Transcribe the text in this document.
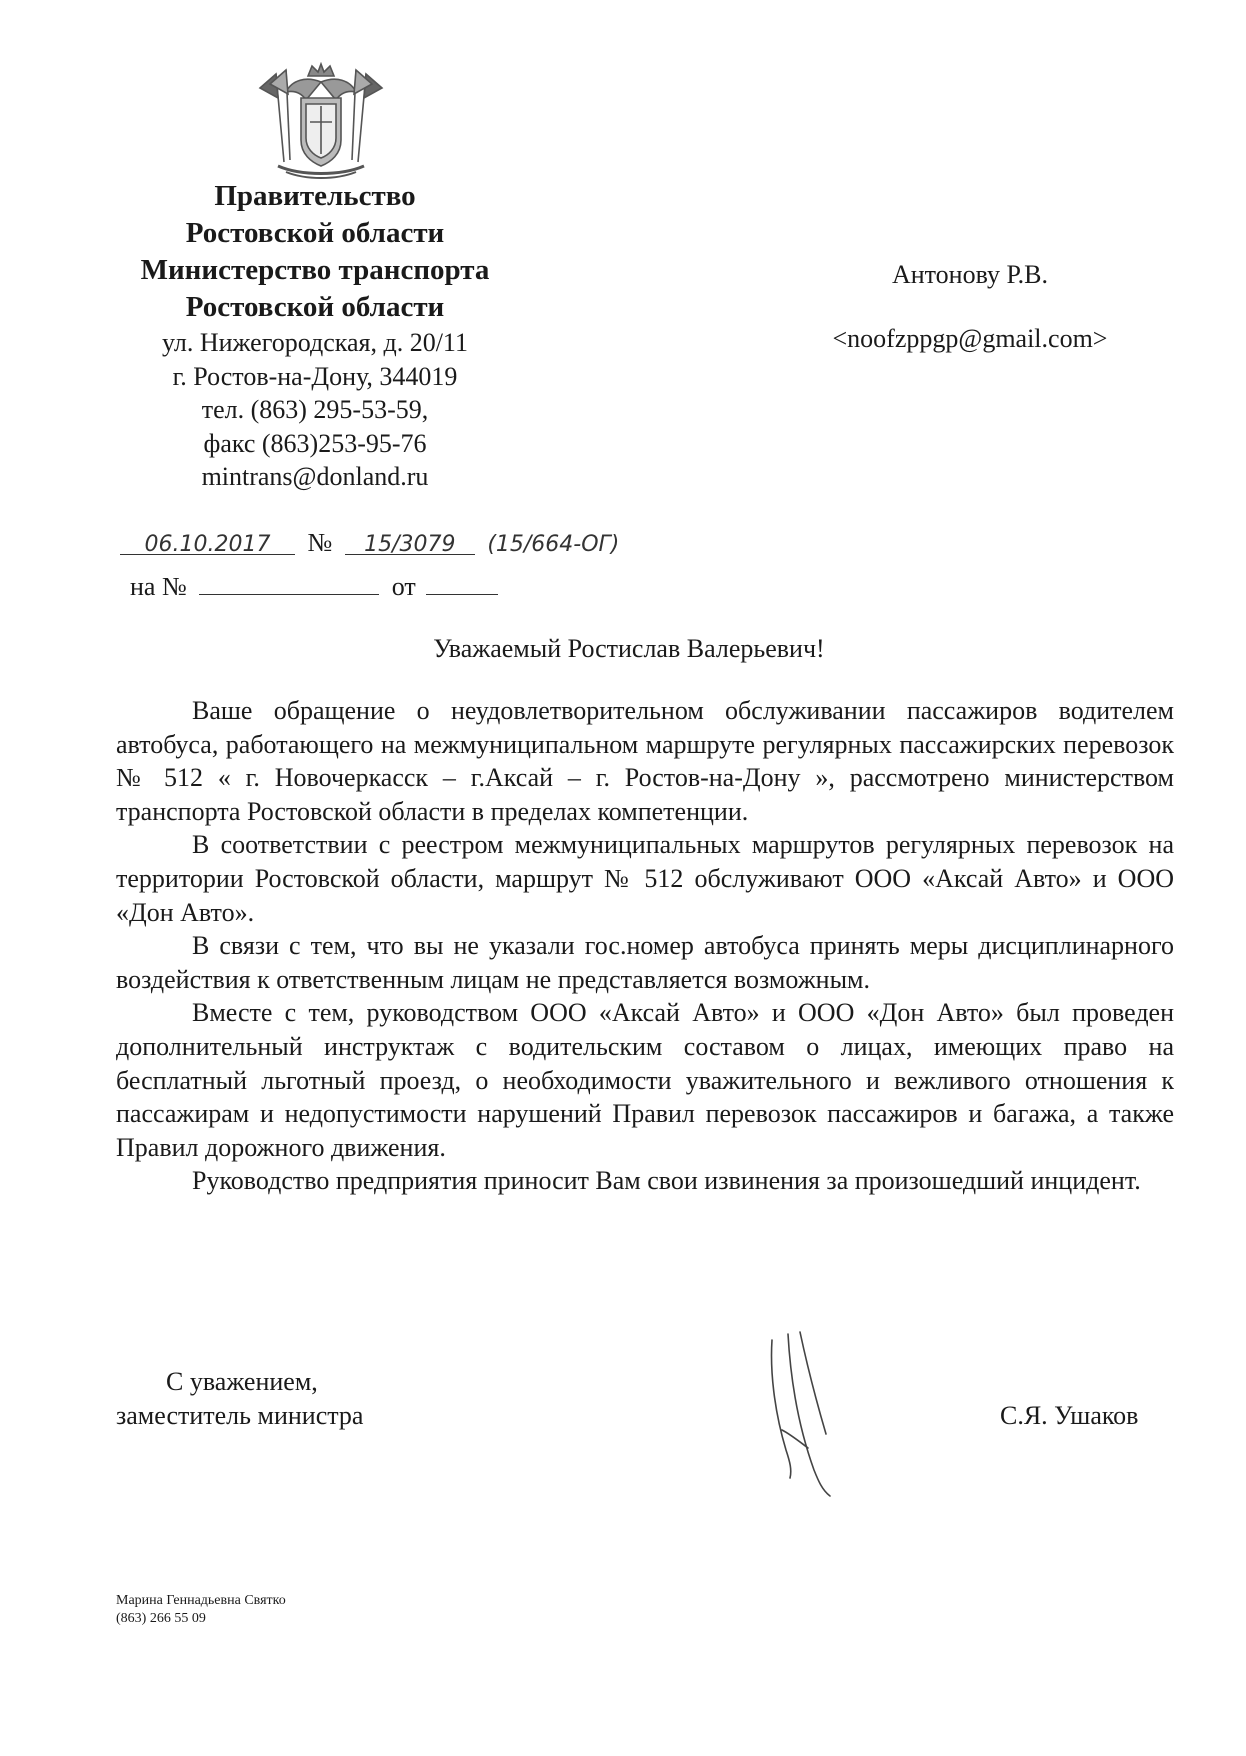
Правительство
Ростовской области
Министерство транспорта
Ростовской области
ул. Нижегородская, д. 20/11
г. Ростов-на-Дону, 344019
тел. (863) 295-53-59,
факс (863)253-95-76
mintrans@donland.ru
Антонову Р.В.
<noofzppgp@gmail.com>
06.10.2017 № 15/3079 (15/664-ОГ)
на №	от
Уважаемый Ростислав Валерьевич!

Ваше обращение о неудовлетворительном обслуживании пассажиров водителем автобуса, работающего на межмуниципальном маршруте регулярных пассажирских перевозок № 512 « г. Новочеркасск – г.Аксай – г. Ростов-на-Дону », рассмотрено министерством транспорта Ростовской области в пределах компетенции.

В соответствии с реестром межмуниципальных маршрутов регулярных перевозок на территории Ростовской области, маршрут № 512 обслуживают ООО «Аксай Авто» и ООО «Дон Авто».

В связи с тем, что вы не указали гос.номер автобуса принять меры дисциплинарного воздействия к ответственным лицам не представляется возможным.

Вместе с тем, руководством ООО «Аксай Авто» и ООО «Дон Авто» был проведен дополнительный инструктаж с водительским составом о лицах, имеющих право на бесплатный льготный проезд, о необходимости уважительного и вежливого отношения к пассажирам и недопустимости нарушений Правил перевозок пассажиров и багажа, а также Правил дорожного движения.

Руководство предприятия приносит Вам свои извинения за произошедший инцидент.

С уважением,
заместитель министра	С.Я. Ушаков
Марина Геннадьевна Святко
(863) 266 55 09
